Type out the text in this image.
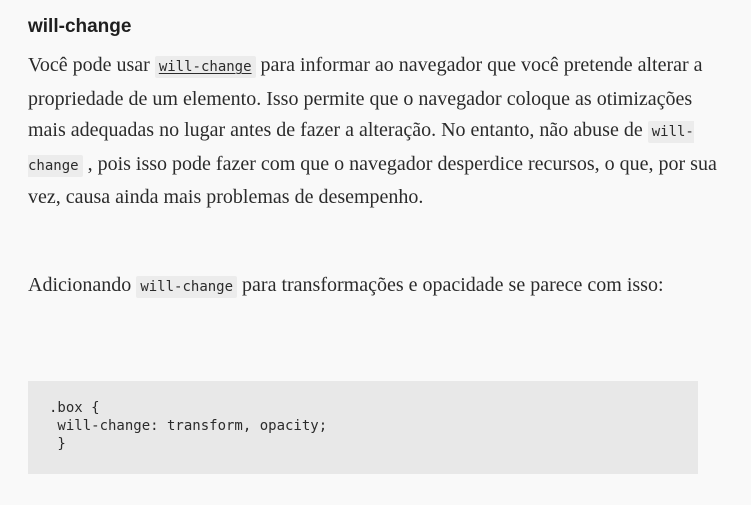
will-change

Você pode usar will-change para informar ao navegador que você pretende alterar a propriedade de um elemento. Isso permite que o navegador coloque as otimizações mais adequadas no lugar antes de fazer a alteração. No entanto, não abuse de will-change , pois isso pode fazer com que o navegador desperdice recursos, o que, por sua vez, causa ainda mais problemas de desempenho.

Adicionando will-change para transformações e opacidade se parece com isso:

.box {
will-change: transform, opacity;
}
